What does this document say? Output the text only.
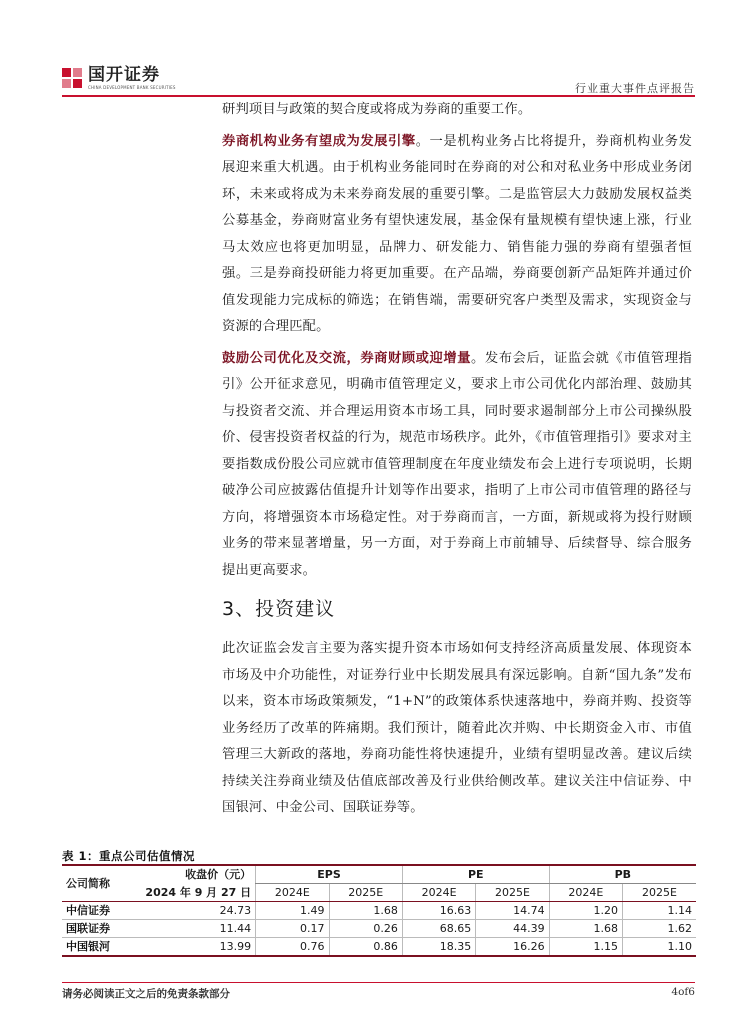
国开证券
CHINA DEVELOPMENT BANK SECURITIES	行业重大事件点评报告

研判项目与政策的契合度或将成为券商的重要工作。

券商机构业务有望成为发展引擎。一是机构业务占比将提升，券商机构业务发展迎来重大机遇。由于机构业务能同时在券商的对公和对私业务中形成业务闭环，未来或将成为未来券商发展的重要引擎。二是监管层大力鼓励发展权益类公募基金，券商财富业务有望快速发展，基金保有量规模有望快速上涨，行业马太效应也将更加明显，品牌力、研发能力、销售能力强的券商有望强者恒强。三是券商投研能力将更加重要。在产品端，券商要创新产品矩阵并通过价值发现能力完成标的筛选；在销售端，需要研究客户类型及需求，实现资金与资源的合理匹配。

鼓励公司优化及交流，券商财顾或迎增量。发布会后，证监会就《市值管理指引》公开征求意见，明确市值管理定义，要求上市公司优化内部治理、鼓励其与投资者交流、并合理运用资本市场工具，同时要求遏制部分上市公司操纵股价、侵害投资者权益的行为，规范市场秩序。此外，《市值管理指引》要求对主要指数成份股公司应就市值管理制度在年度业绩发布会上进行专项说明，长期破净公司应披露估值提升计划等作出要求，指明了上市公司市值管理的路径与方向，将增强资本市场稳定性。对于券商而言，一方面，新规或将为投行财顾业务的带来显著增量，另一方面，对于券商上市前辅导、后续督导、综合服务提出更高要求。

3、投资建议

此次证监会发言主要为落实提升资本市场如何支持经济高质量发展、体现资本市场及中介功能性，对证券行业中长期发展具有深远影响。自新“国九条”发布以来，资本市场政策频发，“1+N”的政策体系快速落地中，券商并购、投资等业务经历了改革的阵痛期。我们预计，随着此次并购、中长期资金入市、市值管理三大新政的落地，券商功能性将快速提升，业绩有望明显改善。建议后续持续关注券商业绩及估值底部改善及行业供给侧改革。建议关注中信证券、中国银河、中金公司、国联证券等。

表 1：重点公司估值情况
公司简称	收盘价（元）	EPS		PE		PB	
	2024 年 9 月 27 日	2024E	2025E	2024E	2025E	2024E	2025E
中信证券	24.73	1.49	1.68	16.63	14.74	1.20	1.14
国联证券	11.44	0.17	0.26	68.65	44.39	1.68	1.62
中国银河	13.99	0.76	0.86	18.35	16.26	1.15	1.10
请务必阅读正文之后的免责条款部分	4of6
